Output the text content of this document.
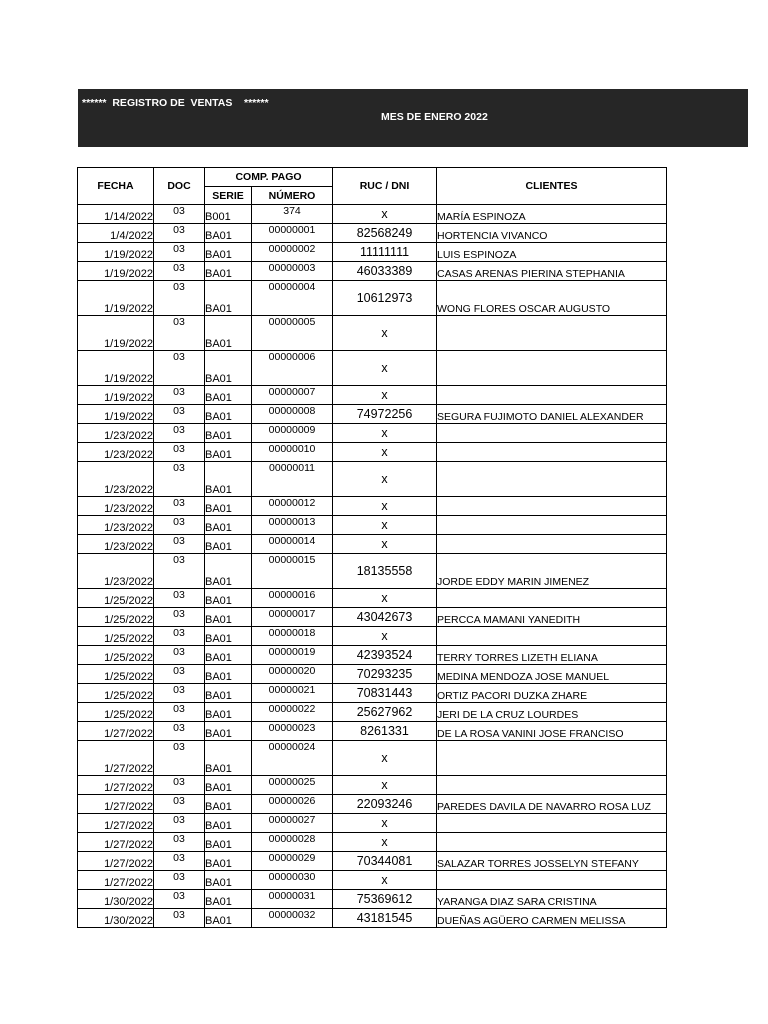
******  REGISTRO DE  VENTAS    ******
MES DE ENERO 2022
FECHA	DOC	COMP. PAGO		RUC / DNI	CLIENTES
		SERIE	NÚMERO		
1/14/2022	03	B001	374	x	MARÍA ESPINOZA
1/4/2022	03	BA01	00000001	82568249	HORTENCIA VIVANCO
1/19/2022	03	BA01	00000002	11111111	LUIS ESPINOZA
1/19/2022	03	BA01	00000003	46033389	CASAS ARENAS PIERINA STEPHANIA
1/19/2022	03	BA01	00000004	10612973	WONG FLORES OSCAR AUGUSTO
1/19/2022	03	BA01	00000005	x	
1/19/2022	03	BA01	00000006	x	
1/19/2022	03	BA01	00000007	x	
1/19/2022	03	BA01	00000008	74972256	SEGURA FUJIMOTO DANIEL ALEXANDER
1/23/2022	03	BA01	00000009	x	
1/23/2022	03	BA01	00000010	x	
1/23/2022	03	BA01	00000011	x	
1/23/2022	03	BA01	00000012	x	
1/23/2022	03	BA01	00000013	x	
1/23/2022	03	BA01	00000014	x	
1/23/2022	03	BA01	00000015	18135558	JORDE EDDY MARIN JIMENEZ
1/25/2022	03	BA01	00000016	x	
1/25/2022	03	BA01	00000017	43042673	PERCCA MAMANI YANEDITH
1/25/2022	03	BA01	00000018	x	
1/25/2022	03	BA01	00000019	42393524	TERRY TORRES LIZETH ELIANA
1/25/2022	03	BA01	00000020	70293235	MEDINA MENDOZA JOSE MANUEL
1/25/2022	03	BA01	00000021	70831443	ORTIZ PACORI DUZKA ZHARE
1/25/2022	03	BA01	00000022	25627962	JERI DE LA CRUZ LOURDES
1/27/2022	03	BA01	00000023	8261331	DE LA ROSA VANINI JOSE FRANCISO
1/27/2022	03	BA01	00000024	x	
1/27/2022	03	BA01	00000025	x	
1/27/2022	03	BA01	00000026	22093246	PAREDES DAVILA DE NAVARRO ROSA LUZ
1/27/2022	03	BA01	00000027	x	
1/27/2022	03	BA01	00000028	x	
1/27/2022	03	BA01	00000029	70344081	SALAZAR TORRES JOSSELYN STEFANY
1/27/2022	03	BA01	00000030	x	
1/30/2022	03	BA01	00000031	75369612	YARANGA DIAZ SARA CRISTINA
1/30/2022	03	BA01	00000032	43181545	DUEÑAS AGÜERO CARMEN MELISSA
